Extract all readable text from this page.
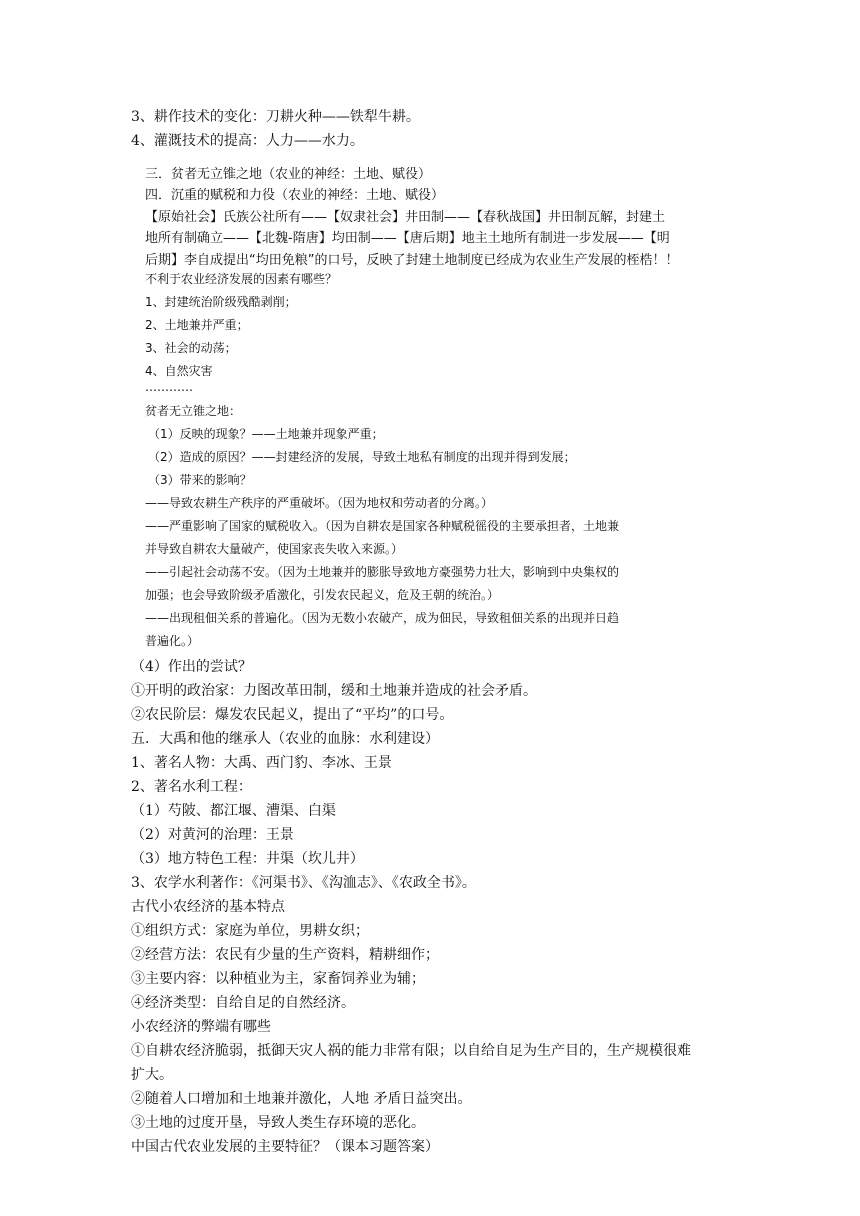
3、耕作技术的变化：刀耕火种——铁犁牛耕。
4、灌溉技术的提高：人力——水力。
三．贫者无立锥之地（农业的神经：土地、赋役）
四．沉重的赋税和力役（农业的神经：土地、赋役）
【原始社会】氏族公社所有——【奴隶社会】井田制——【春秋战国】井田制瓦解，封建土
地所有制确立——【北魏-隋唐】均田制——【唐后期】地主土地所有制进一步发展——【明
后期】李自成提出“均田免粮”的口号，反映了封建土地制度已经成为农业生产发展的桎梏！！
不利于农业经济发展的因素有哪些？
1、封建统治阶级残酷剥削；
2、土地兼并严重；
3、社会的动荡；
4、自然灾害
…………
贫者无立锥之地：
（1）反映的现象？——土地兼并现象严重；
（2）造成的原因？——封建经济的发展，导致土地私有制度的出现并得到发展；
（3）带来的影响？
——导致农耕生产秩序的严重破坏。（因为地权和劳动者的分离。）
——严重影响了国家的赋税收入。（因为自耕农是国家各种赋税徭役的主要承担者，土地兼
并导致自耕农大量破产，使国家丧失收入来源。）
——引起社会动荡不安。（因为土地兼并的膨胀导致地方豪强势力壮大，影响到中央集权的
加强；也会导致阶级矛盾激化，引发农民起义，危及王朝的统治。）
——出现租佃关系的普遍化。（因为无数小农破产，成为佃民，导致租佃关系的出现并日趋
普遍化。）
（4）作出的尝试？
①开明的政治家：力图改革田制，缓和土地兼并造成的社会矛盾。
②农民阶层：爆发农民起义，提出了“平均”的口号。
五．大禹和他的继承人（农业的血脉：水利建设）
1、著名人物：大禹、西门豹、李冰、王景
2、著名水利工程：
（1）芍陂、都江堰、漕渠、白渠
（2）对黄河的治理：王景
（3）地方特色工程：井渠（坎儿井）
3、农学水利著作：《河渠书》、《沟洫志》、《农政全书》。
古代小农经济的基本特点
①组织方式：家庭为单位，男耕女织；
②经营方法：农民有少量的生产资料，精耕细作；
③主要内容：以种植业为主，家畜饲养业为辅；
④经济类型：自给自足的自然经济。
小农经济的弊端有哪些
①自耕农经济脆弱，抵御天灾人祸的能力非常有限；以自给自足为生产目的，生产规模很难
扩大。
②随着人口增加和土地兼并激化，人地 矛盾日益突出。
③土地的过度开垦，导致人类生存环境的恶化。
中国古代农业发展的主要特征？（课本习题答案）
